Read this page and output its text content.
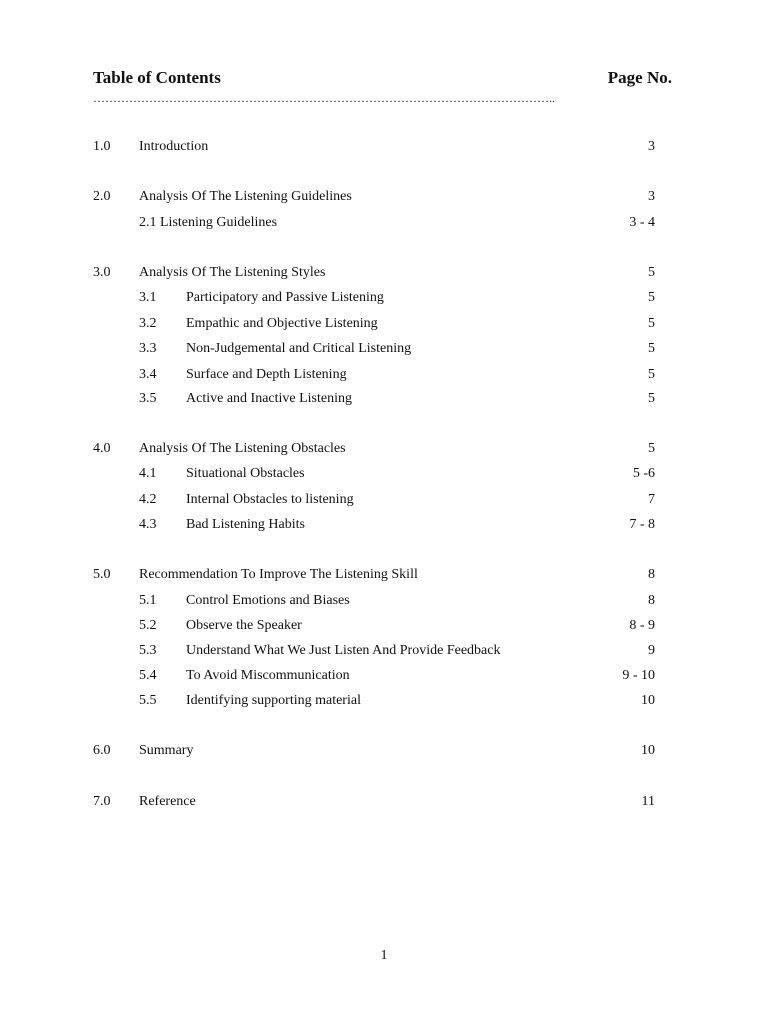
Table of Contents	Page No.
……………………………………………………………………………………………………..
1.0 Introduction	3
2.0 Analysis Of The Listening Guidelines	3
2.1 Listening Guidelines	3 - 4
3.0 Analysis Of The Listening Styles	5
3.1 Participatory and Passive Listening	5
3.2 Empathic and Objective Listening	5
3.3 Non-Judgemental and Critical Listening	5
3.4 Surface and Depth Listening	5
3.5 Active and Inactive Listening	5
4.0 Analysis Of The Listening Obstacles	5
4.1 Situational Obstacles	5 -6
4.2 Internal Obstacles to listening	7
4.3 Bad Listening Habits	7 - 8
5.0 Recommendation To Improve The Listening Skill	8
5.1 Control Emotions and Biases	8
5.2 Observe the Speaker	8 - 9
5.3 Understand What We Just Listen And Provide Feedback	9
5.4 To Avoid Miscommunication	9 - 10
5.5 Identifying supporting material	10
6.0 Summary	10
7.0 Reference	11
1
